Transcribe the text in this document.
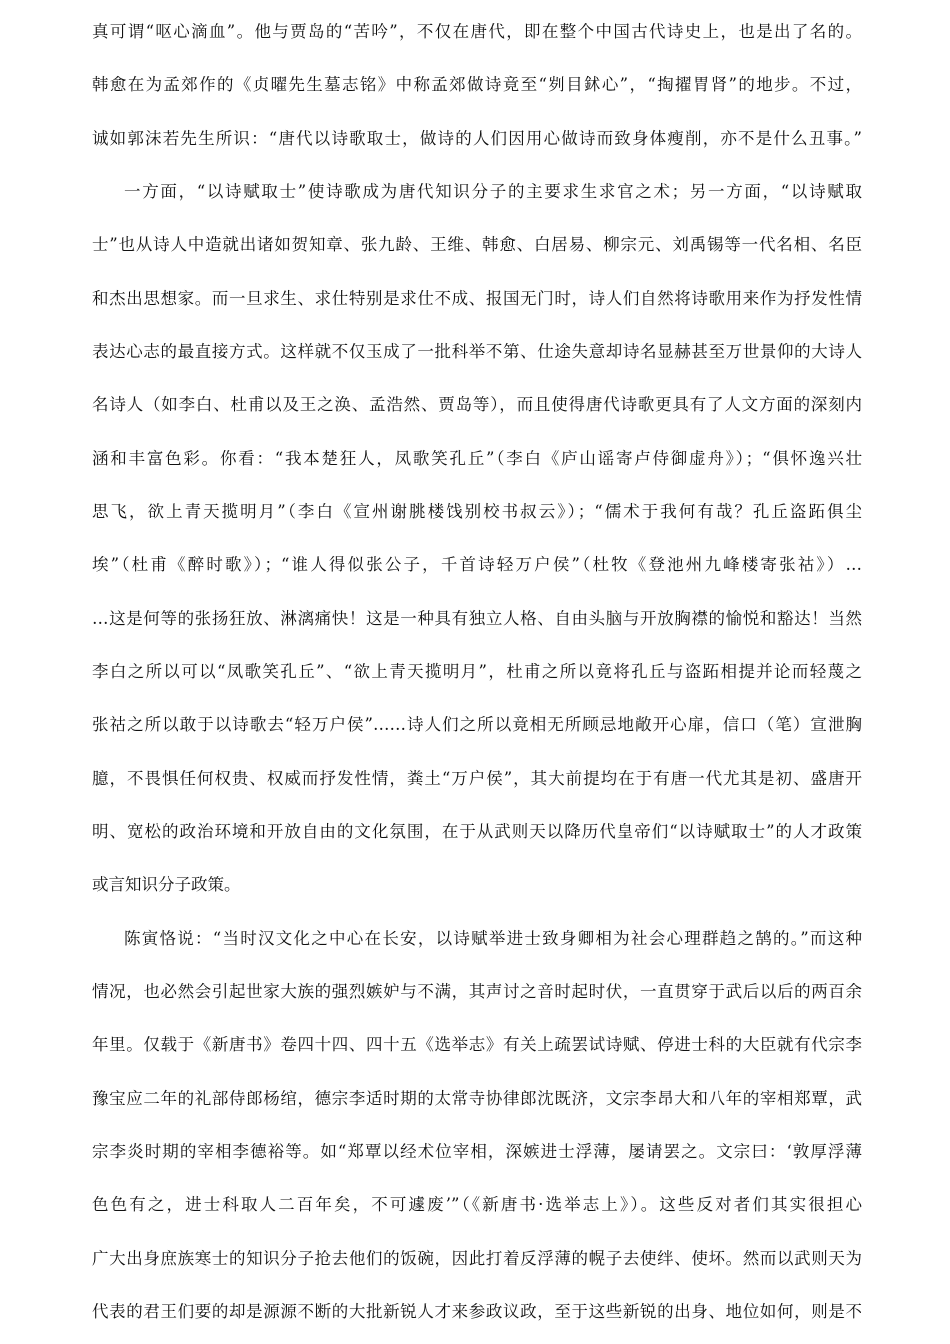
真可谓“呕心滴血”。他与贾岛的“苦吟”，不仅在唐代，即在整个中国古代诗史上，也是出了名的。
韩愈在为孟郊作的《贞曜先生墓志铭》中称孟郊做诗竟至“刿目鉥心”，“掏擢胃肾”的地步。不过，
诚如郭沫若先生所识：“唐代以诗歌取士，做诗的人们因用心做诗而致身体瘦削，亦不是什么丑事。”
一方面，“以诗赋取士”使诗歌成为唐代知识分子的主要求生求官之术；另一方面，“以诗赋取
士”也从诗人中造就出诸如贺知章、张九龄、王维、韩愈、白居易、柳宗元、刘禹锡等一代名相、名臣
和杰出思想家。而一旦求生、求仕特别是求仕不成、报国无门时，诗人们自然将诗歌用来作为抒发性情
表达心志的最直接方式。这样就不仅玉成了一批科举不第、仕途失意却诗名显赫甚至万世景仰的大诗人
名诗人（如李白、杜甫以及王之涣、孟浩然、贾岛等），而且使得唐代诗歌更具有了人文方面的深刻内
涵和丰富色彩。你看：“我本楚狂人，凤歌笑孔丘”（李白《庐山谣寄卢侍御虚舟》）；“俱怀逸兴壮
思飞，欲上青天揽明月”（李白《宣州谢朓楼饯别校书叔云》）；“儒术于我何有哉？孔丘盗跖俱尘
埃”（杜甫《醉时歌》）；“谁人得似张公子，千首诗轻万户侯”（杜牧《登池州九峰楼寄张祜》）…
…这是何等的张扬狂放、淋漓痛快！这是一种具有独立人格、自由头脑与开放胸襟的愉悦和豁达！当然
李白之所以可以“凤歌笑孔丘”、“欲上青天揽明月”，杜甫之所以竟将孔丘与盗跖相提并论而轻蔑之
张祜之所以敢于以诗歌去“轻万户侯”……诗人们之所以竟相无所顾忌地敞开心扉，信口（笔）宣泄胸
臆，不畏惧任何权贵、权威而抒发性情，粪土“万户侯”，其大前提均在于有唐一代尤其是初、盛唐开
明、宽松的政治环境和开放自由的文化氛围，在于从武则天以降历代皇帝们“以诗赋取士”的人才政策
或言知识分子政策。
陈寅恪说：“当时汉文化之中心在长安，以诗赋举进士致身卿相为社会心理群趋之鹄的。”而这种
情况，也必然会引起世家大族的强烈嫉妒与不满，其声讨之音时起时伏，一直贯穿于武后以后的两百余
年里。仅载于《新唐书》卷四十四、四十五《选举志》有关上疏罢试诗赋、停进士科的大臣就有代宗李
豫宝应二年的礼部侍郎杨绾，德宗李适时期的太常寺协律郎沈既济，文宗李昂大和八年的宰相郑覃，武
宗李炎时期的宰相李德裕等。如“郑覃以经术位宰相，深嫉进士浮薄，屡请罢之。文宗曰：‘敦厚浮薄
色色有之，进士科取人二百年矣，不可遽废’”（《新唐书·选举志上》）。这些反对者们其实很担心
广大出身庶族寒士的知识分子抢去他们的饭碗，因此打着反浮薄的幌子去使绊、使坏。然而以武则天为
代表的君王们要的却是源源不断的大批新锐人才来参政议政，至于这些新锐的出身、地位如何，则是不
